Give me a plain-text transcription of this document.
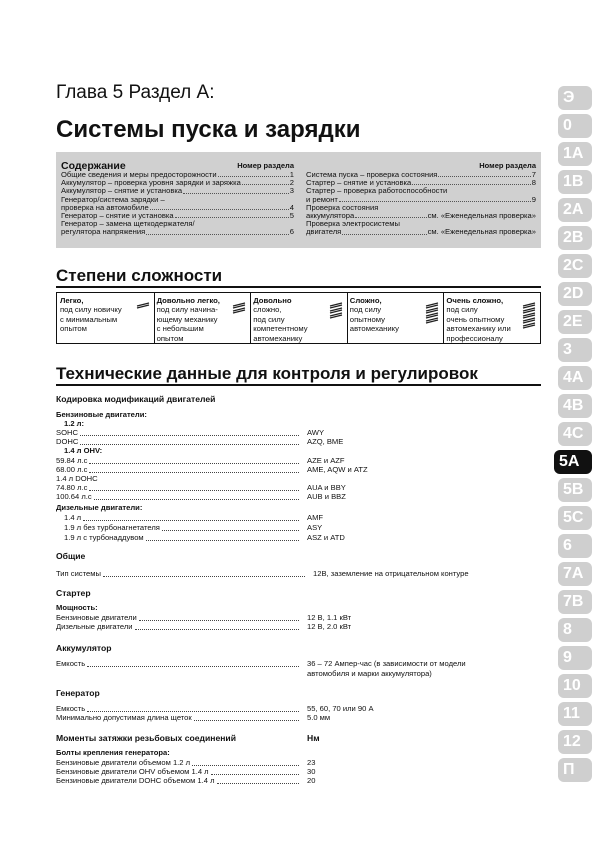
Глава 5 Раздел A:
Системы пуска и зарядки
Содержание	Номер раздела
Общие сведения и меры предосторожности	1
Аккумулятор – проверка уровня зарядки и заряжка	2
Аккумулятор – снятие и установка	3
Генератор/система зарядки –
проверка на автомобиле	4
Генератор – снятие и установка	5
Генератор – замена щеткодержателя/
регулятора напряжения	6
Номер раздела
Система пуска – проверка состояния	7
Стартер – снятие и установка	8
Стартер – проверка работоспособности
и ремонт	9
Проверка состояния
аккумулятора	см. «Еженедельная проверка»
Проверка электросистемы
двигателя	см. «Еженедельная проверка»
Степени сложности
Легко,
под силу новичку
с минимальным
опытом
Довольно легко,
под силу начина-
ющему механику
с небольшим
опытом
Довольно
сложно,
под силу
компетентному
автомеханику
Сложно,
под силу
опытному
автомеханику
Очень сложно,
под силу
очень опытному
автомеханику или
профессионалу
Технические данные для контроля и регулировок
Кодировка модификаций двигателей
Бензиновые двигатели:
1.2 л:
SOHC	AWY
DOHC	AZQ, BME
1.4 л OHV:
59.84 л.с	AZE и AZF
68.00 л.с	AME, AQW и ATZ
1.4 л DOHC
74.80 л.с	AUA и BBY
100.64 л.с	AUB и BBZ
Дизельные двигатели:
1.4 л	AMF
1.9 л без турбонагнетателя	ASY
1.9 л с турбонаддувом	ASZ и ATD
Общие
Тип системы	12В, заземление на отрицательном контуре
Стартер
Мощность:
Бензиновые двигатели	12 В, 1.1 кВт
Дизельные двигатели	12 В, 2.0 кВт
Аккумулятор
Емкость	36 – 72 Ампер-час (в зависимости от модели
автомобиля и марки аккумулятора)
Генератор
Емкость	55, 60, 70 или 90 А
Минимально допустимая длина щеток	5.0 мм
Моменты затяжки резьбовых соединений	Нм
Болты крепления генератора:
Бензиновые двигатели объемом 1.2 л	23
Бензиновые двигатели OHV объемом 1.4 л	30
Бензиновые двигатели DOHC объемом 1.4 л	20
Э
0
1A
1B
2A
2B
2C
2D
2E
3
4A
4B
4C
5A
5B
5C
6
7A
7B
8
9
10
11
12
П
